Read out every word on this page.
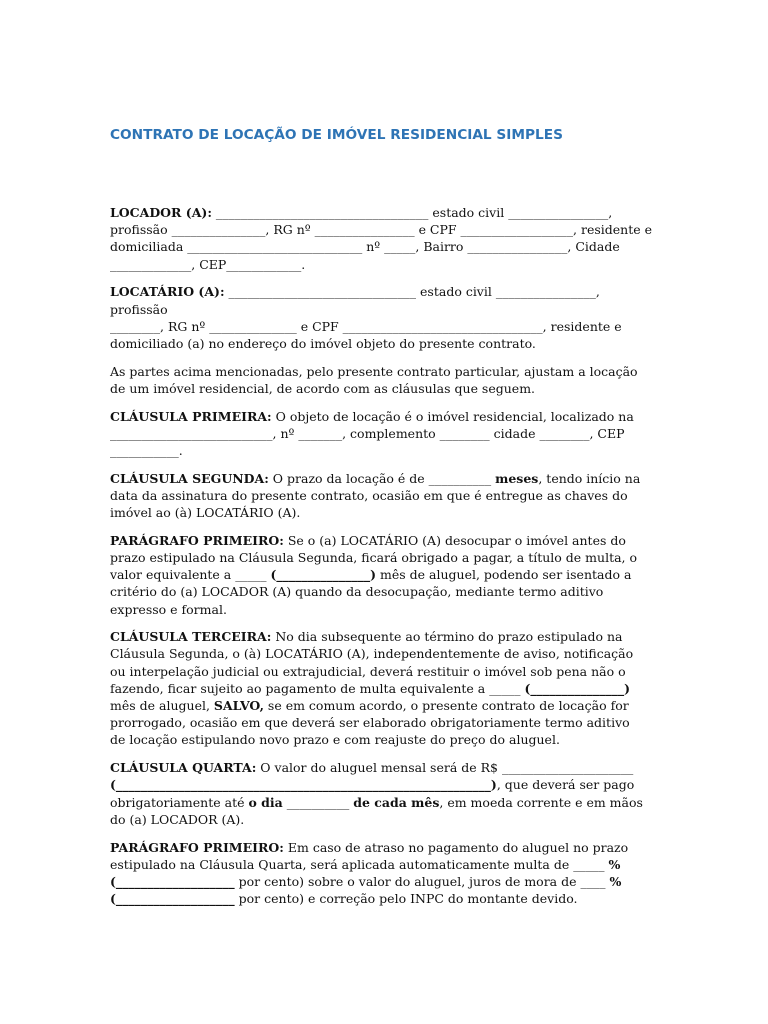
CONTRATO DE LOCAÇÃO DE IMÓVEL RESIDENCIAL SIMPLES

LOCADOR (A): __________________________________ estado civil ________________,
profissão _______________, RG nº ________________ e CPF __________________, residente e
domiciliada ____________________________ nº _____, Bairro ________________, Cidade
_____________, CEP____________.

LOCATÁRIO (A): ______________________________ estado civil ________________, profissão
________, RG nº ______________ e CPF ________________________________, residente e
domiciliado (a) no endereço do imóvel objeto do presente contrato.

As partes acima mencionadas, pelo presente contrato particular, ajustam a locação
de um imóvel residencial, de acordo com as cláusulas que seguem.

CLÁUSULA PRIMEIRA: O objeto de locação é o imóvel residencial, localizado na
__________________________, nº _______, complemento ________ cidade ________, CEP
___________.

CLÁUSULA SEGUNDA: O prazo da locação é de __________ meses, tendo início na
data da assinatura do presente contrato, ocasião em que é entregue as chaves do
imóvel ao (à) LOCATÁRIO (A).

PARÁGRAFO PRIMEIRO: Se o (a) LOCATÁRIO (A) desocupar o imóvel antes do
prazo estipulado na Cláusula Segunda, ficará obrigado a pagar, a título de multa, o
valor equivalente a _____ (_______________) mês de aluguel, podendo ser isentado a
critério do (a) LOCADOR (A) quando da desocupação, mediante termo aditivo
expresso e formal.

CLÁUSULA TERCEIRA: No dia subsequente ao término do prazo estipulado na
Cláusula Segunda, o (à) LOCATÁRIO (A), independentemente de aviso, notificação
ou interpelação judicial ou extrajudicial, deverá restituir o imóvel sob pena não o
fazendo, ficar sujeito ao pagamento de multa equivalente a _____ (_______________)
mês de aluguel, SALVO, se em comum acordo, o presente contrato de locação for
prorrogado, ocasião em que deverá ser elaborado obrigatoriamente termo aditivo
de locação estipulando novo prazo e com reajuste do preço do aluguel.

CLÁUSULA QUARTA: O valor do aluguel mensal será de R$ _____________________
(____________________________________________________________), que deverá ser pago
obrigatoriamente até o dia __________ de cada mês, em moeda corrente e em mãos
do (a) LOCADOR (A).

PARÁGRAFO PRIMEIRO: Em caso de atraso no pagamento do aluguel no prazo
estipulado na Cláusula Quarta, será aplicada automaticamente multa de _____ %
(___________________ por cento) sobre o valor do aluguel, juros de mora de ____ %
(___________________ por cento) e correção pelo INPC do montante devido.
